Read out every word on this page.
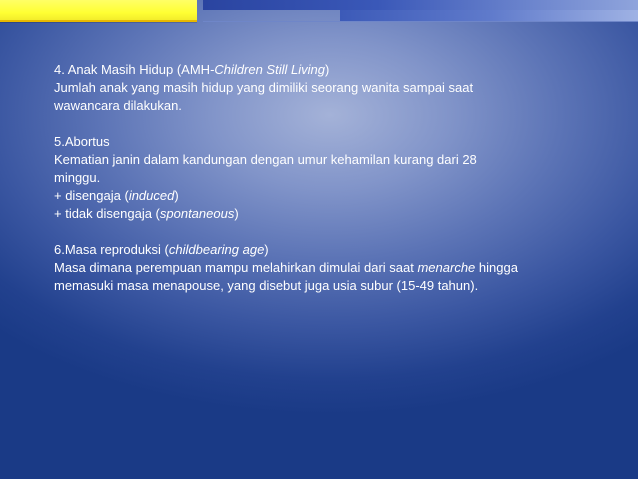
4. Anak Masih Hidup (AMH-Children Still Living)

Jumlah anak yang masih hidup yang dimiliki seorang wanita sampai saat

wawancara dilakukan.

5.Abortus

Kematian janin dalam kandungan dengan umur kehamilan kurang dari 28

minggu.

+ disengaja (induced)

+ tidak disengaja (spontaneous)

6.Masa reproduksi (childbearing age)

Masa dimana perempuan mampu melahirkan dimulai dari saat menarche hingga

memasuki masa menapouse, yang disebut juga usia subur (15-49 tahun).
